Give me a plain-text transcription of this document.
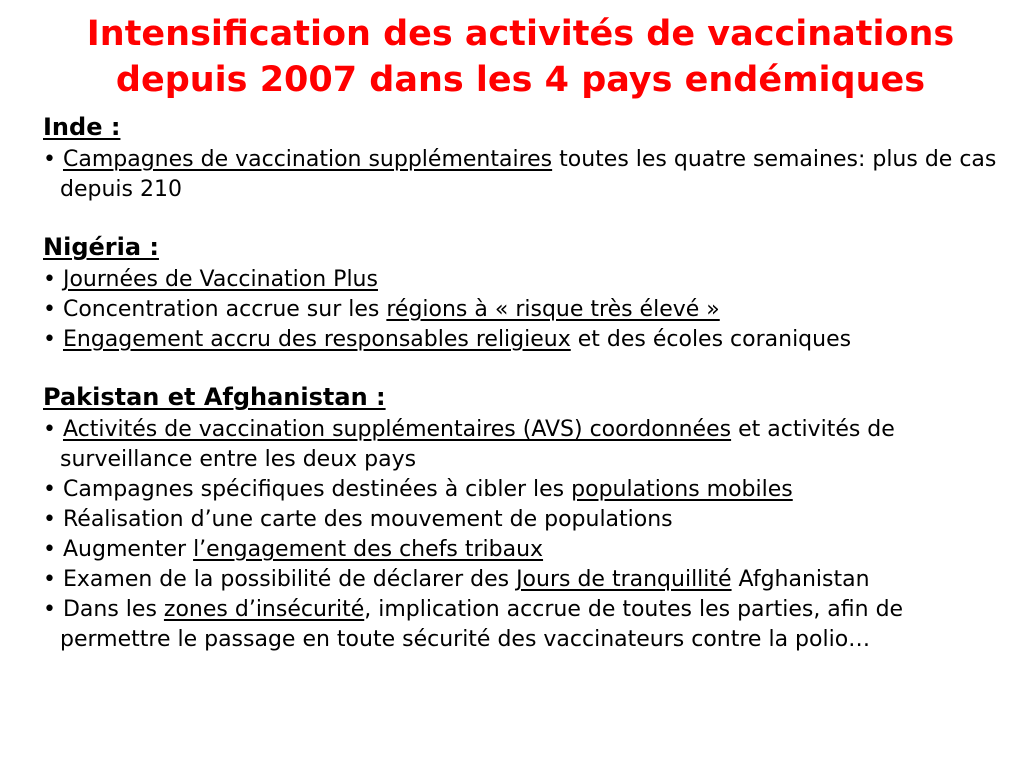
Intensification des activités de vaccinations
depuis 2007 dans les 4 pays endémiques
Inde :

• Campagnes de vaccination supplémentaires toutes les quatre semaines: plus de cas depuis 210

Nigéria :

• Journées de Vaccination Plus

• Concentration accrue sur les régions à « risque très élevé »

• Engagement accru des responsables religieux et des écoles coraniques

Pakistan et Afghanistan :

• Activités de vaccination supplémentaires (AVS) coordonnées et activités de surveillance entre les deux pays

• Campagnes spécifiques destinées à cibler les populations mobiles

• Réalisation d’une carte des mouvement de populations

• Augmenter l’engagement des chefs tribaux

• Examen de la possibilité de déclarer des Jours de tranquillité Afghanistan

• Dans les zones d’insécurité, implication accrue de toutes les parties, afin de permettre le passage en toute sécurité des vaccinateurs contre la polio…
